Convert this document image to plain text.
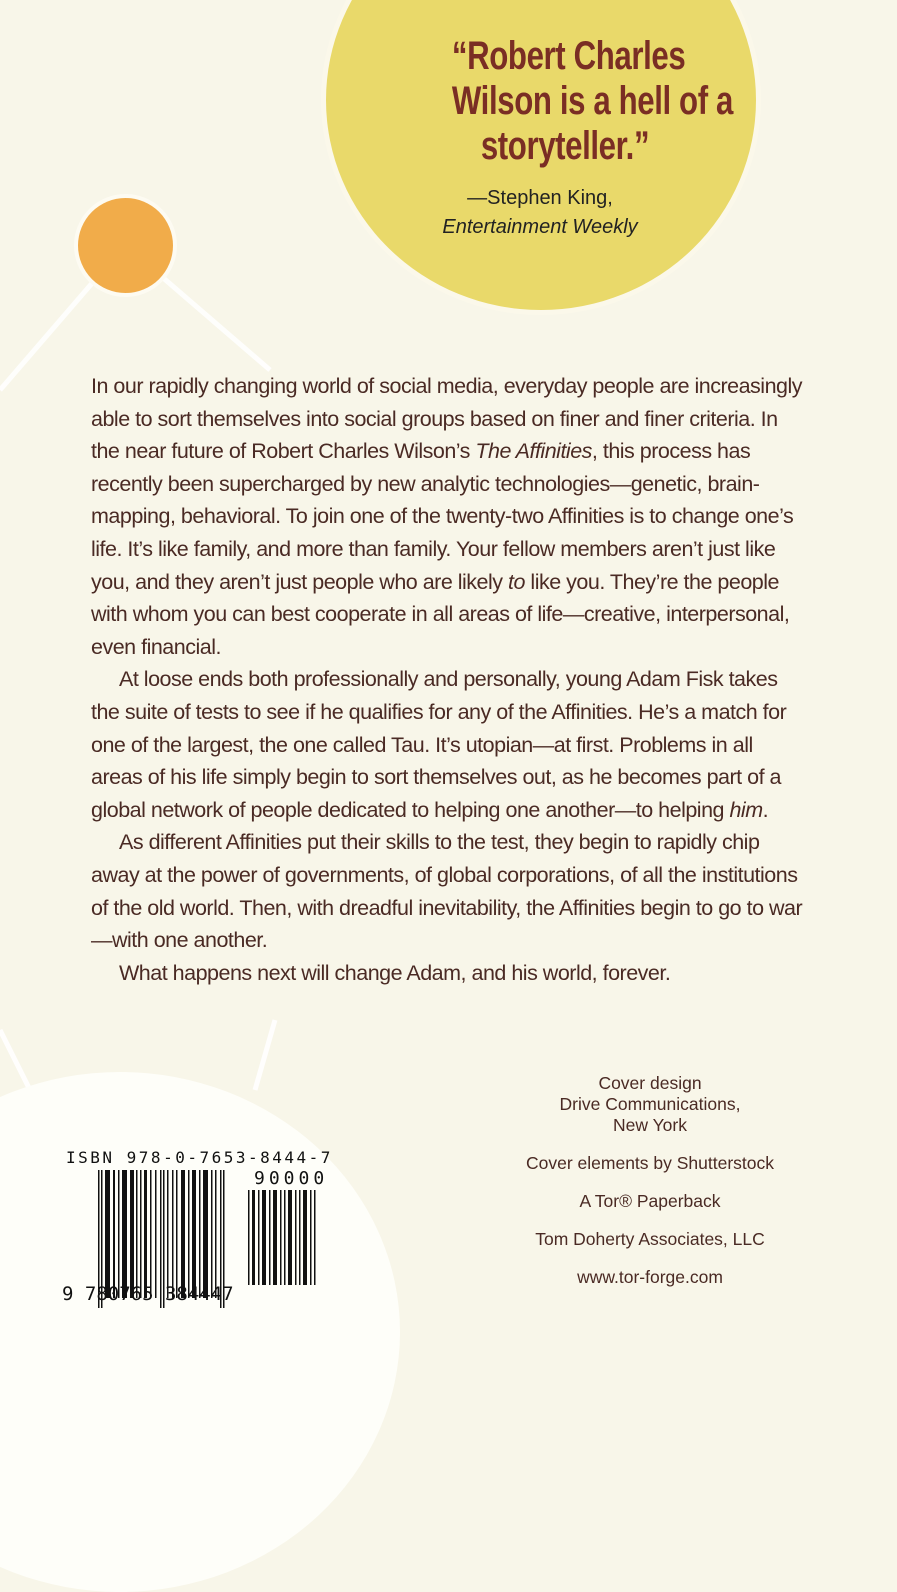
“Robert Charles
Wilson is a hell of a
storyteller.”
—Stephen King,
Entertainment Weekly

In our rapidly changing world of social media, everyday people are increasingly able to sort themselves into social groups based on finer and finer criteria. In the near future of Robert Charles Wilson’s The Affinities, this process has recently been supercharged by new analytic technologies—genetic, brain-mapping, behavioral. To join one of the twenty-two Affinities is to change one’s life. It’s like family, and more than family. Your fellow members aren’t just like you, and they aren’t just people who are likely to like you. They’re the people with whom you can best cooperate in all areas of life—creative, interpersonal, even financial.

At loose ends both professionally and personally, young Adam Fisk takes the suite of tests to see if he qualifies for any of the Affinities. He’s a match for one of the largest, the one called Tau. It’s utopian—at first. Problems in all areas of his life simply begin to sort themselves out, as he becomes part of a global network of people dedicated to helping one another—to helping him.

As different Affinities put their skills to the test, they begin to rapidly chip away at the power of governments, of global corporations, of all the institutions of the old world. Then, with dreadful inevitability, the Affinities begin to go to war—with one another.

What happens next will change Adam, and his world, forever.

Cover design
Drive Communications,
New York
Cover elements by Shutterstock
A Tor® Paperback
Tom Doherty Associates, LLC
www.tor-forge.com
ISBN 978-0-7653-8444-7
90000
9 780765 384447
